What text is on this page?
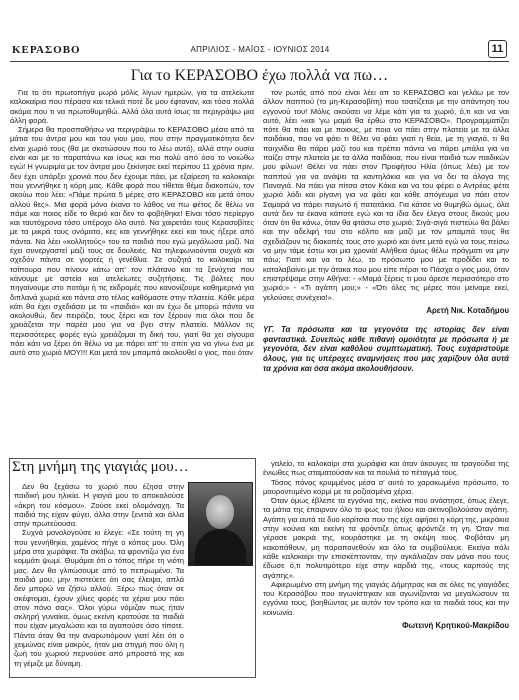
ΚΕΡΑΣΟΒΟ	ΑΠΡΙΛΙΟΣ - ΜΑΪΟΣ - ΙΟΥΝΙΟΣ 2014	11
Για το ΚΕΡΑΣΟΒΟ έχω πολλά να πω…

Για το ότι πρωτοπήγα μωρό μόλις λίγων ημερών, για τα ατελείωτα καλοκαίρια που πέρασα και τελικά ποτέ δε μου έφταναν, και τόσα πολλά ακόμα που τι να πρωτοθυμηθώ. Αλλά όλα αυτά ίσως τα περιγράψω μια άλλη φορά.

Σήμερα θα προσπαθήσω να περιγράψω το ΚΕΡΑΣΟΒΟ μέσα από τα μάτια του άντρα μου και του γιου μου, που στην πραγματικότητα δεν είναι χωριό τους (θα με σκοτώσουν που το λέω αυτό), αλλά στην ουσία είναι και με το παραπάνω και ίσως και πιο πολύ από όσο το νοιώθω εγώ! Η γνωριμία με τον άντρα μου ξεκίνησε εκεί περίπου 11 χρόνια πριν, δεν έχει υπάρξει χρονιά που δεν έχουμε πάει, με εξαίρεση το καλοκαίρι που γεννήθηκε η κόρη μας. Κάθε φορά που τίθεται θέμα διακοπών, τον ακούω που λέει: «Πάμε πρώτα 5 μέρες στο ΚΕΡΑΣΟΒΟ και μετά όπου αλλού θες». Μια φορά μόνο έκανα το λάθος να πω φέτος δε θέλω να πάμε και ποιος είδε το θεριό και δεν το φοβήθηκε! Είναι τόσο περίεργο και ταυτόχρονα τόσο υπέροχο όλο αυτό. Να χαιρετάει τους Κερασοβίτες με τα μικρά τους ονόματα, κες και γεννήθηκε εκεί και τους ήξερε από πάντα. Να λέει «κολλητούς» του τα παιδιά που εγώ μεγάλωσα μαζί. Να έχει συνεργαστεί μαζί τους σε δουλειές. Να τηλεφωνιούνται συχνά και σχεδόν πάντα σε γιορτές ή γενέθλια. Σε συζητά το καλοκαίρι τα τσίπουρα που πίνουν κάτω απ' τον πλάτανο και τα ξενύχτια που κάνουμε με αστεία και ατελείωτες συζητήσεις. Τις βόλτες που πηγαίνουμε στο ποτάμι ή τις εκδρομές που κανονίζουμε καθημερινά για διπλανά χωριά και πάντα στο τέλος καθόμαστε στην πλατεία. Κάθε μέρα κάτι θα έχει σχεδιάσει με τα «παιδιά» και αν έχω δε μπορώ πάντα να ακολουθώ, δεν πειράζει, τους ξέρει και τον ξέρουν πια όλοι που δε χρειάζεται την παρέα μου για να βγει στην πλατεία. Μάλλον τις περισσότερες φορές εγώ χρειάζομαι τη δική του, γιατί θα χει σίγουρα πάει κάτι να ξέρει ότι θέλω να με πάρει απ' το σπίτι για να γίνω ένα με αυτό στο χωριό ΜΟΥ!!! Και μετά τον μπαμπά ακολουθεί ο γιος, που όταν

τον ρωτάς από πού είναι λέει απ το ΚΕΡΑΣΟΒΟ και γελάω με τον άλλον παππού (το μη-Κερασοβίτη) που τσατίζεται με την απάντηση του εγγονού του! Μόλις ακούσει να λέμε κάτι για το χωριό, ό,τι και να ναι αυτό, λέει «και 'γω μαμά θα έρθω στο ΚΕΡΑΣΟΒΟ». Προγραμματίζει πότε θα πάει και με ποιους, με ποια να πάει στην πλατεία με τα άλλα παιδάκια, που να φάει τι θέλει να φάει γιατί η θεία, με τη γιαγιά, τι θα παιχνίδια θα πάρει μαζί του και πρέπει πάντα να πάρει μπάλα για να παίζει στην πλατεία με τα άλλα παιδάκια, που είναι παιδιά των παιδικών μου φίλων! Θέλει να πάει στον Προφήτου Ηλία (όπως λέει) με τον παππού για να ανάψει τα καντηλάκια και για να δει τα άλογα της Παναγιά. Να πάει για πίτσα στον Κάκα και να του φέρει ο Αντρέας φέτα χωριό λάδι και ρίγανη για να φάει και κάθε απόγευμα να πάει στον Σαμαρά να πάρει παγωτό ή πατατάκια. Για κάτσε να θυμηθώ όμως, όλα αυτά δεν τα έκανα κάποτε εγώ και τα ίδια δεν έλεγα στους δικούς μου όταν ότι θα κάνω, όταν θα φτάσω στο χωριό; Σιγά-σιγά πιστεύω θα βάλει και την αδελφή του στο κόλπο και μαζί με τον μπαμπά τους θα σχεδιάζουν τις διακοπές τους στο χωριό και όντε μετά εγώ να τους πείσω να μην τάμε έστω και μια χρονιά! Αλήθεια όμως θέλω πράγματι να μην πάω; Γιατί και να το λέω, το πρόσωπο μου με προδίδει και το καταλαβαίνει με την άτακα που μου είπε πέρσι το Πάσχα ο γιος μου, όταν επιστρέψαμε στην Αθήνα: - «Μαμά ξέρεις τι μου άρεσε περισσότερο στο χωριό;» - «Τι αγάπη μου;» - «Ότι όλες τις μέρες που μείναμε εκεί, γελούσες συνέχεια!».

Αρετή Νικ. Κοταδήμου

ΥΓ. Τα πρόσωπα και τα γεγονότα της ιστορίας δεν είναι φανταστικά. Συνεπώς κάθε πιθανή ομοιότητα με πρόσωπα ή με γεγονότα, δεν είναι καθόλου συμπτωματική. Τους ευχαριστούμε όλους, για τις υπέροχες αναμνήσεις που μας χαρίζουν όλα αυτά τα χρόνια και όσα ακόμα ακολουθήσουν.

Στη μνήμη της γιαγιάς μου…

Δεν θα ξεχάσω το χωριό που έζησα στην παιδική μου ηλικία. Η γιαγιά μου το αποκαλούσε «άκρη του κόσμου». Ζούσε εκεί ολομόναχη. Τα παιδιά της είχαν φύγει, άλλα στην ξενιτιά και άλλα στην πρωτεύουσα.

Συχνά μονολογούσε κι έλεγε: «Σε τούτη τη γη που γεννήθηκα, χαμένος πήγε ο κόπος μου. Όλη μέρα στα χωράφια. Τα σκάβω, τα φροντίζω για ένα κομμάτι ψωμί. Θυμάμαι ότι ο τόπος πήρε τη νιότη μας. Δεν θα γλιτώσουμε από το πεπρωμένο. Τα παιδιά μου, μην πιστεύετε ότι σας έλειψα, απλά δεν μπορώ να ζήσω αλλού. Ξέρω πως όταν σε σκέφτομαι, έχουν χίλιες φορές τα χέρια μου πάει στον πόνο σας». Όλοι γύρω νόμιζαν πως ήταν σκληρή γυναίκα, όμως εκείνη κρατούσε τα παιδιά που είχαν μεγαλώσει και τα αγαπούσε όσο τίποτε. Πάντα όταν θα την αναρωτιόμουν γιατί λέει ότι ο χειμώνας είναι μακρύς, ήταν μια στιγμή που όλη η ζωή του χωριού περνούσε από μπροστά της και τη γέμιζε με δύναμη.

γαλείο, το καλοκαίρι στα χωράφια και όταν άκουγες τα τραγούδια της ένιωθες πως σταματούσαν και τα πουλιά το πέταγμά τους.

Τόσος πόνος κρυμμένος μέσα σ' αυτό το χαρακωμένο πρόσωπο, το μαυροντυμένο κορμί με τα ροζιασμένα χέρια.

Όταν όμως έβλεπε τα εγγόνια της, εκείνα που ανάστησε, όπως έλεγε, τα μάτια της έπαιρναν όλο το φως του ήλιου και ακτινοβολούσαν αγάπη. Αγάπη για αυτά τα δυο κορίτσια που της είχε αφήσει η κόρη της, μικράκια στην κούνια και εκείνη τα φρόντιζε όπως φρόντιζε τη γη. Όταν πια γέρασε μακριά της, κουράστηκε με τη σκέψη τους. Φοβόταν μη κακοπάθουν, μη παραπονεθούν και όλο τα συμβούλευε. Εκείνα πάλι κάθε καλοκαίρι την επισκέπτονταν, την αγκάλιαζαν σαν μάνα που τους έδωσε ό,τι πολυτιμότερο είχε στην καρδιά της, «τους καρπούς της αγάπης».

Αφιερωμένο στη μνήμη της γιαγιάς Δήμητρας και σε όλες τις γιαγιάδες του Κερασόβου που αγωνίστηκαν και αγωνίζονται να μεγαλώσουν τα εγγόνια τους, βοηθώντας με αυτόν τον τρόπο και τα παιδιά τους και την κοινωνία.

Φωτεινή Κρητικού-Μακρίδου
